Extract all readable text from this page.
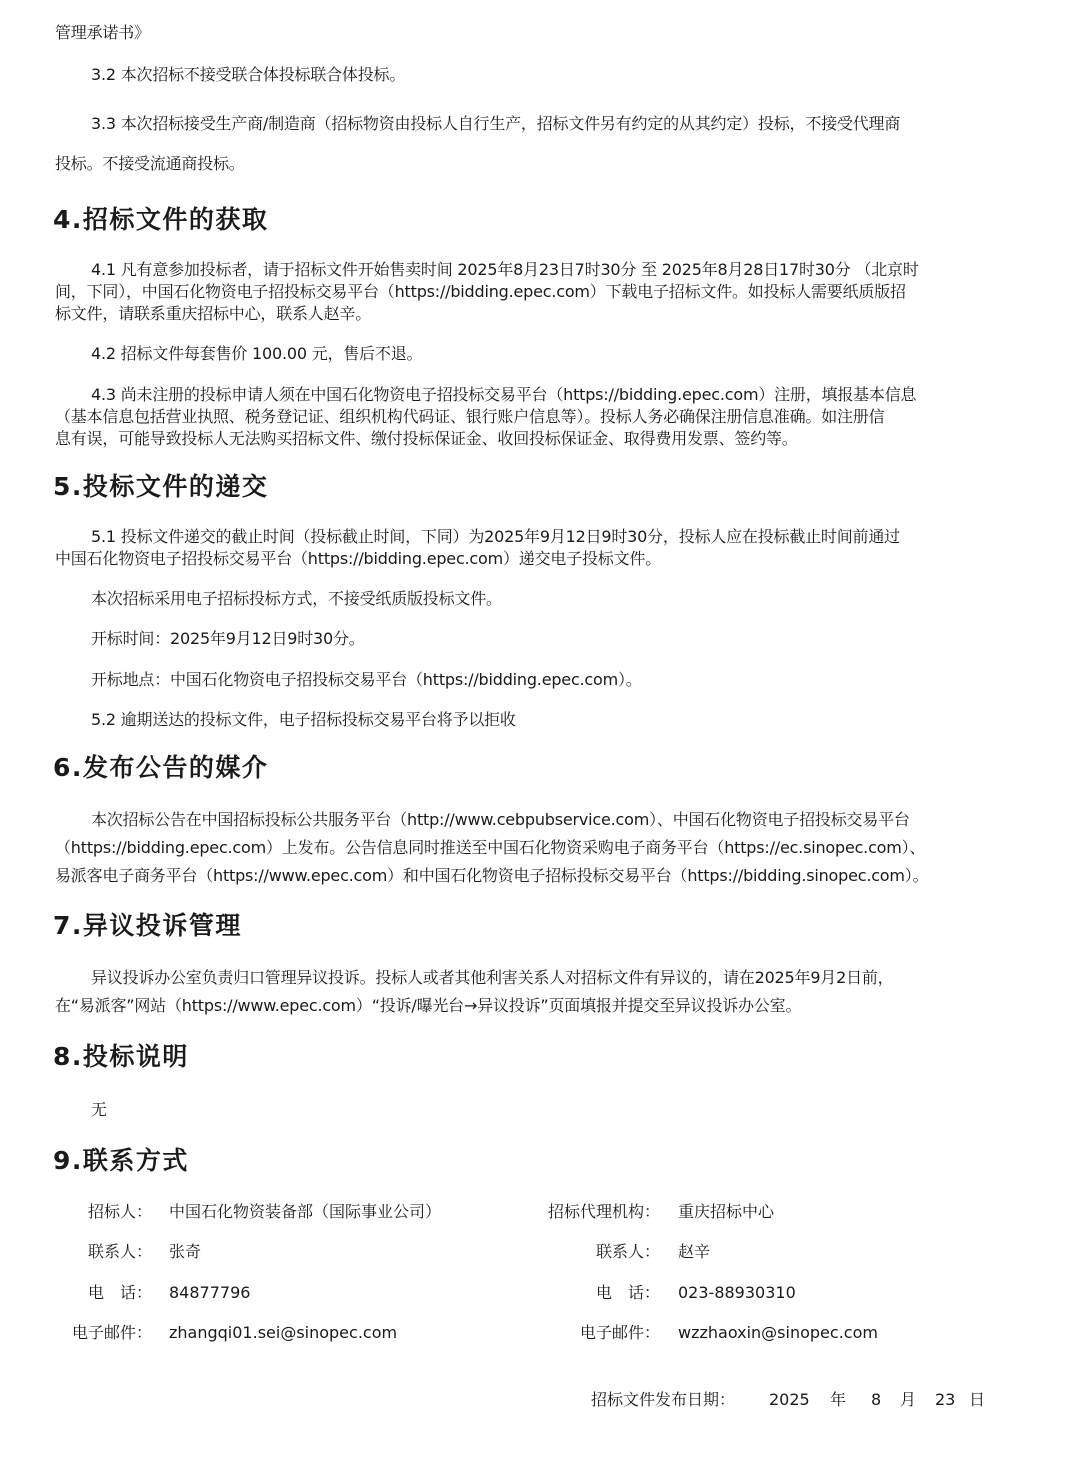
管理承诺书》
3.2 本次招标不接受联合体投标联合体投标。
3.3 本次招标接受生产商/制造商（招标物资由投标人自行生产，招标文件另有约定的从其约定）投标，不接受代理商
投标。不接受流通商投标。
4.招标文件的获取
4.1 凡有意参加投标者，请于招标文件开始售卖时间 2025年8月23日7时30分 至 2025年8月28日17时30分 （北京时
间，下同），中国石化物资电子招投标交易平台（https://bidding.epec.com）下载电子招标文件。如投标人需要纸质版招
标文件，请联系重庆招标中心，联系人赵辛。
4.2 招标文件每套售价 100.00 元，售后不退。
4.3 尚未注册的投标申请人须在中国石化物资电子招投标交易平台（https://bidding.epec.com）注册，填报基本信息
（基本信息包括营业执照、税务登记证、组织机构代码证、银行账户信息等）。投标人务必确保注册信息准确。如注册信
息有误，可能导致投标人无法购买招标文件、缴付投标保证金、收回投标保证金、取得费用发票、签约等。
5.投标文件的递交
5.1 投标文件递交的截止时间（投标截止时间，下同）为2025年9月12日9时30分，投标人应在投标截止时间前通过
中国石化物资电子招投标交易平台（https://bidding.epec.com）递交电子投标文件。
本次招标采用电子招标投标方式，不接受纸质版投标文件。
开标时间：2025年9月12日9时30分。
开标地点：中国石化物资电子招投标交易平台（https://bidding.epec.com）。
5.2 逾期送达的投标文件，电子招标投标交易平台将予以拒收
6.发布公告的媒介
本次招标公告在中国招标投标公共服务平台（http://www.cebpubservice.com）、中国石化物资电子招投标交易平台
（https://bidding.epec.com）上发布。公告信息同时推送至中国石化物资采购电子商务平台（https://ec.sinopec.com）、
易派客电子商务平台（https://www.epec.com）和中国石化物资电子招标投标交易平台（https://bidding.sinopec.com）。
7.异议投诉管理
异议投诉办公室负责归口管理异议投诉。投标人或者其他利害关系人对招标文件有异议的，请在2025年9月2日前，
在“易派客”网站（https://www.epec.com）“投诉/曝光台→异议投诉”页面填报并提交至异议投诉办公室。
8.投标说明
无
9.联系方式
招标人： 中国石化物资装备部（国际事业公司）	招标代理机构： 重庆招标中心
联系人： 张奇	联系人： 赵辛
电　话： 84877796	电　话： 023-88930310
电子邮件： zhangqi01.sei@sinopec.com	电子邮件： wzzhaoxin@sinopec.com
招标文件发布日期： 2025 年 8 月 23 日
